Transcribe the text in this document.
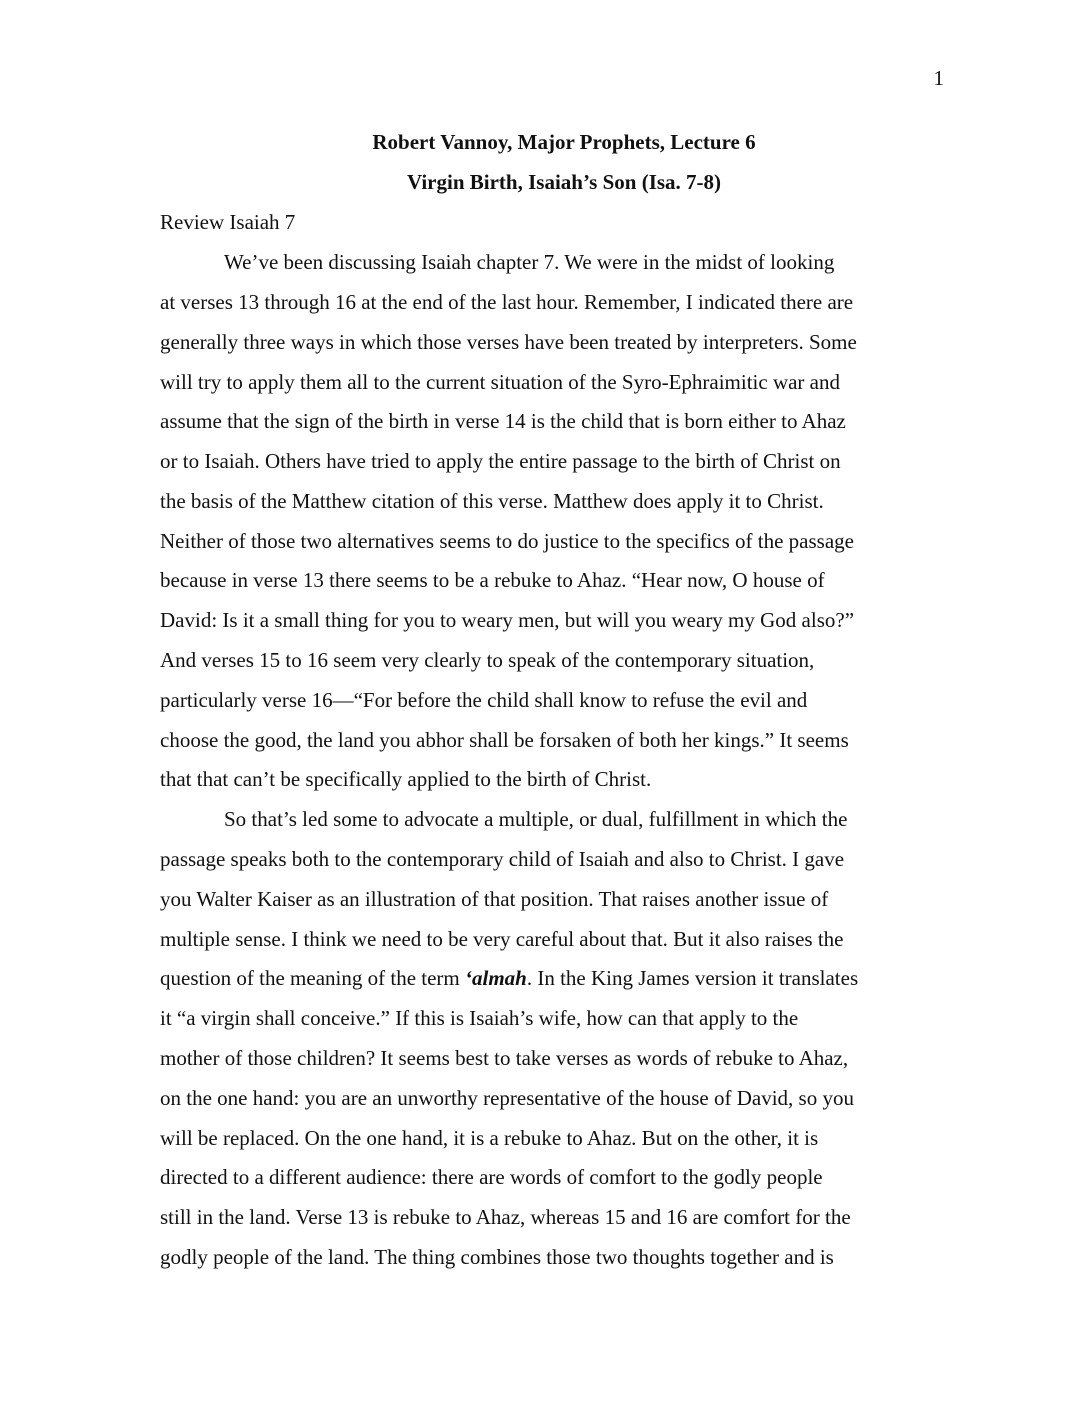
1
Robert Vannoy, Major Prophets, Lecture 6
Virgin Birth, Isaiah’s Son (Isa. 7-8)
Review Isaiah 7
We’ve been discussing Isaiah chapter 7. We were in the midst of looking
at verses 13 through 16 at the end of the last hour. Remember, I indicated there are
generally three ways in which those verses have been treated by interpreters. Some
will try to apply them all to the current situation of the Syro-Ephraimitic war and
assume that the sign of the birth in verse 14 is the child that is born either to Ahaz
or to Isaiah. Others have tried to apply the entire passage to the birth of Christ on
the basis of the Matthew citation of this verse. Matthew does apply it to Christ.
Neither of those two alternatives seems to do justice to the specifics of the passage
because in verse 13 there seems to be a rebuke to Ahaz. “Hear now, O house of
David: Is it a small thing for you to weary men, but will you weary my God also?”
And verses 15 to 16 seem very clearly to speak of the contemporary situation,
particularly verse 16—“For before the child shall know to refuse the evil and
choose the good, the land you abhor shall be forsaken of both her kings.” It seems
that that can’t be specifically applied to the birth of Christ.
So that’s led some to advocate a multiple, or dual, fulfillment in which the
passage speaks both to the contemporary child of Isaiah and also to Christ. I gave
you Walter Kaiser as an illustration of that position. That raises another issue of
multiple sense. I think we need to be very careful about that. But it also raises the
question of the meaning of the term ‘almah. In the King James version it translates
it “a virgin shall conceive.” If this is Isaiah’s wife, how can that apply to the
mother of those children? It seems best to take verses as words of rebuke to Ahaz,
on the one hand: you are an unworthy representative of the house of David, so you
will be replaced. On the one hand, it is a rebuke to Ahaz. But on the other, it is
directed to a different audience: there are words of comfort to the godly people
still in the land. Verse 13 is rebuke to Ahaz, whereas 15 and 16 are comfort for the
godly people of the land. The thing combines those two thoughts together and is
